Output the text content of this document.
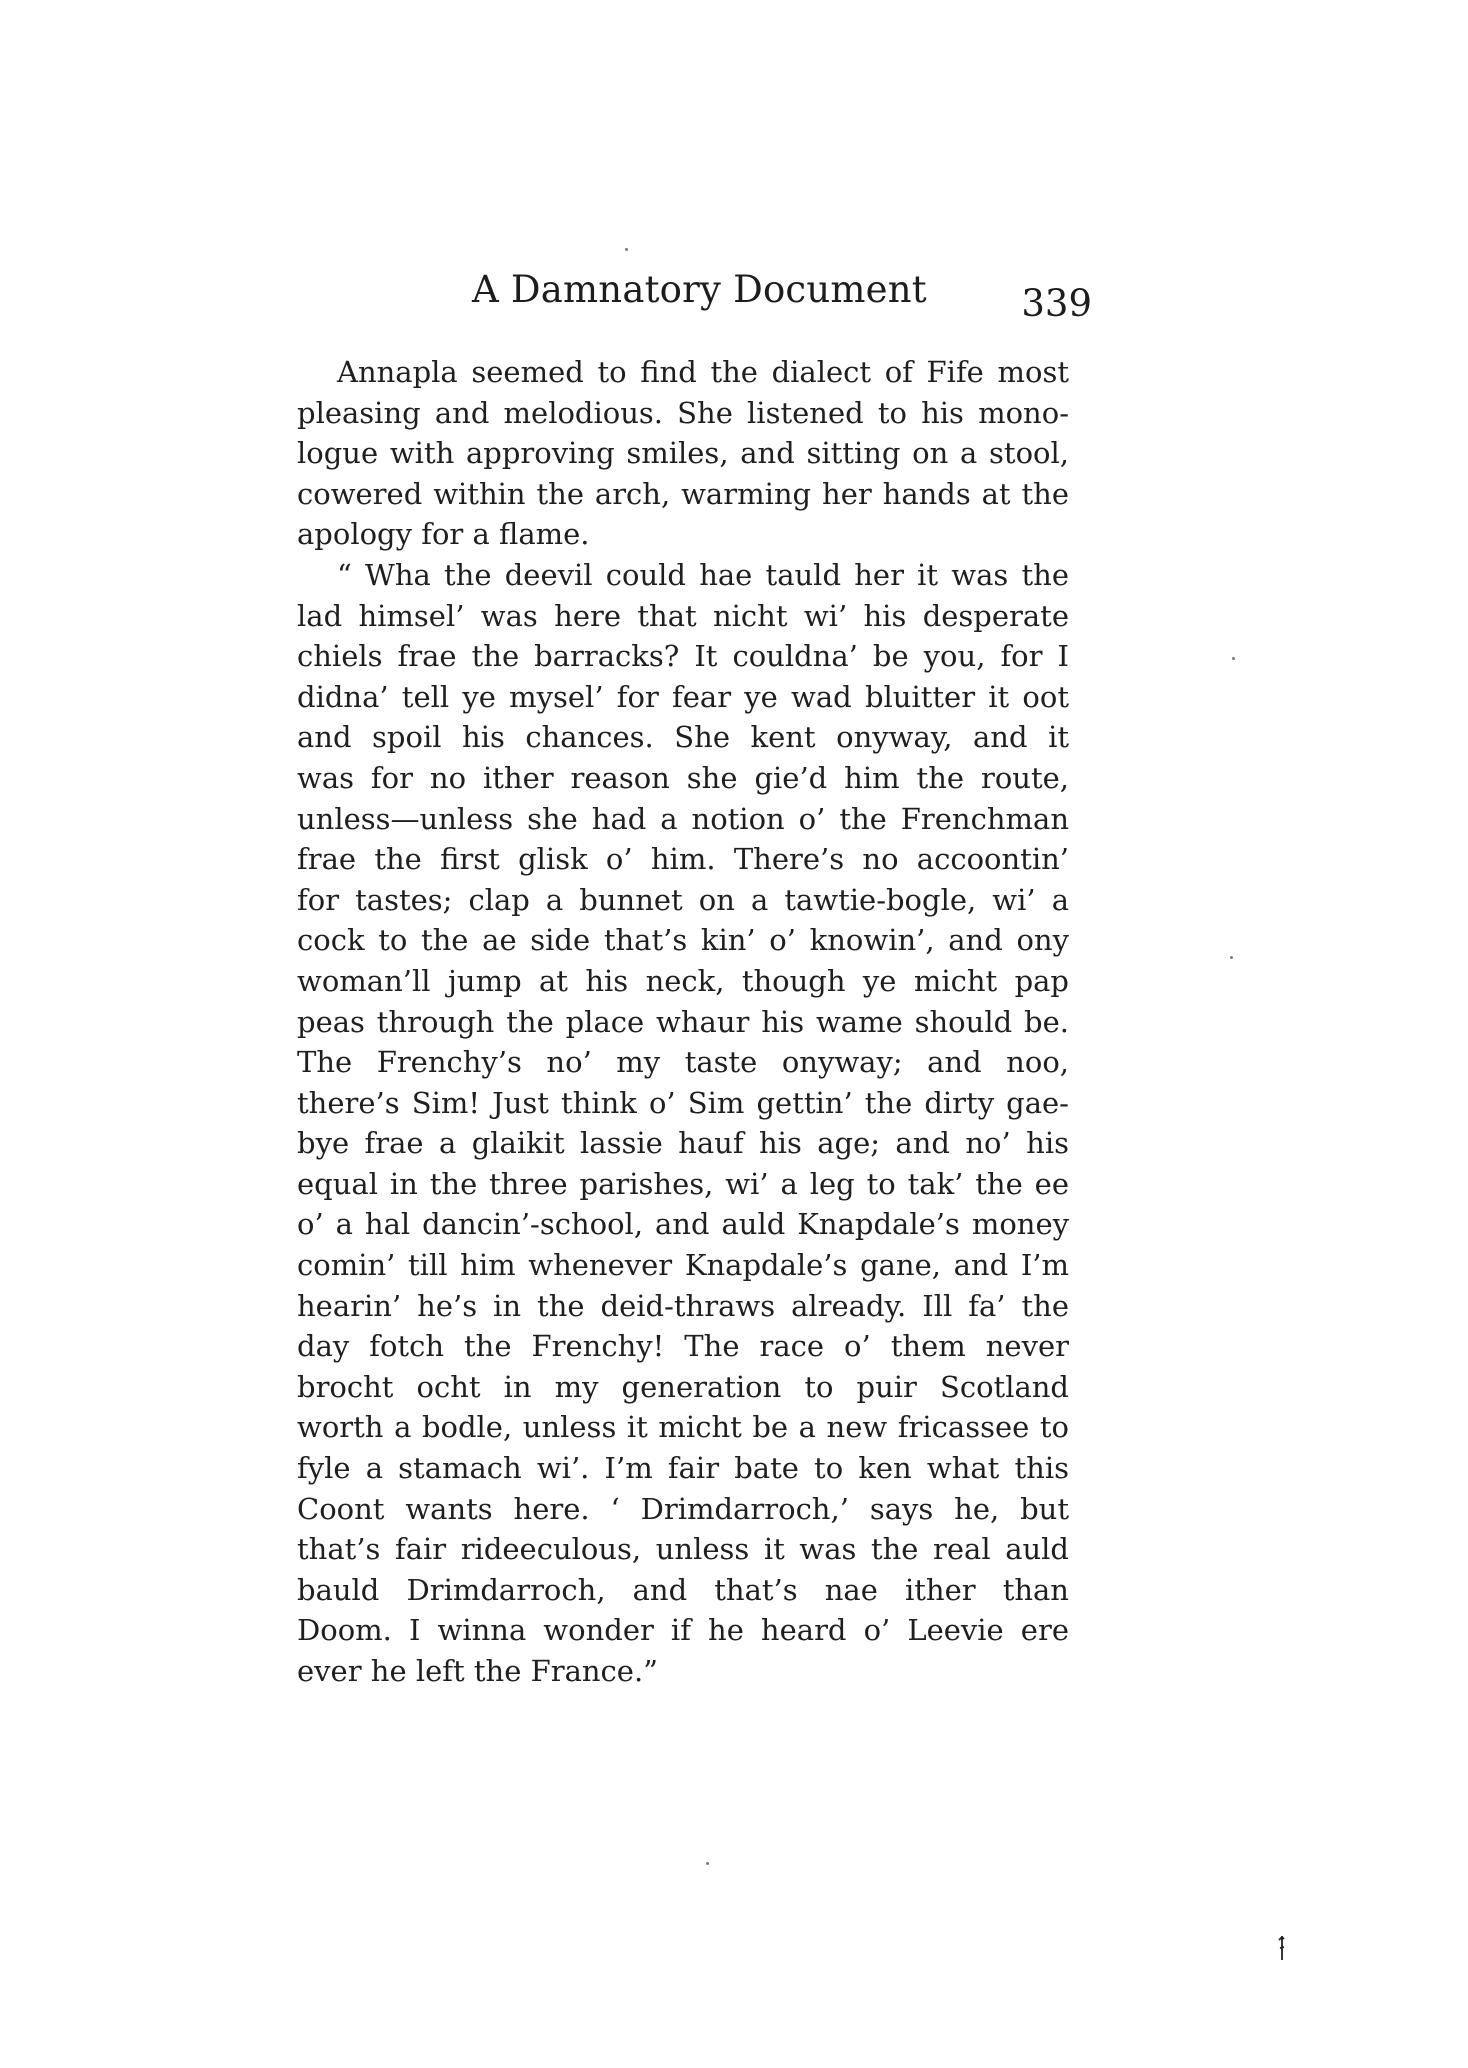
A Damnatory Document	339
Annapla seemed to find the dialect of Fife most
pleasing and melodious. She listened to his mono-
logue with approving smiles, and sitting on a stool,
cowered within the arch, warming her hands at the
apology for a flame.
“ Wha the deevil could hae tauld her it was the
lad himsel’ was here that nicht wi’ his desperate
chiels frae the barracks? It couldna’ be you, for I
didna’ tell ye mysel’ for fear ye wad bluitter it oot
and spoil his chances. She kent onyway, and it
was for no ither reason she gie’d him the route,
unless—unless she had a notion o’ the Frenchman
frae the first glisk o’ him. There’s no accoontin’
for tastes; clap a bunnet on a tawtie-bogle, wi’ a
cock to the ae side that’s kin’ o’ knowin’, and ony
woman’ll jump at his neck, though ye micht pap
peas through the place whaur his wame should be.
The Frenchy’s no’ my taste onyway; and noo,
there’s Sim! Just think o’ Sim gettin’ the dirty gae-
bye frae a glaikit lassie hauf his age; and no’ his
equal in the three parishes, wi’ a leg to tak’ the ee
o’ a hal dancin’-school, and auld Knapdale’s money
comin’ till him whenever Knapdale’s gane, and I’m
hearin’ he’s in the deid-thraws already. Ill fa’ the
day fotch the Frenchy! The race o’ them never
brocht ocht in my generation to puir Scotland
worth a bodle, unless it micht be a new fricassee to
fyle a stamach wi’. I’m fair bate to ken what this
Coont wants here. ‘ Drimdarroch,’ says he, but
that’s fair rideeculous, unless it was the real auld
bauld Drimdarroch, and that’s nae ither than
Doom. I winna wonder if he heard o’ Leevie ere
ever he left the France.”
